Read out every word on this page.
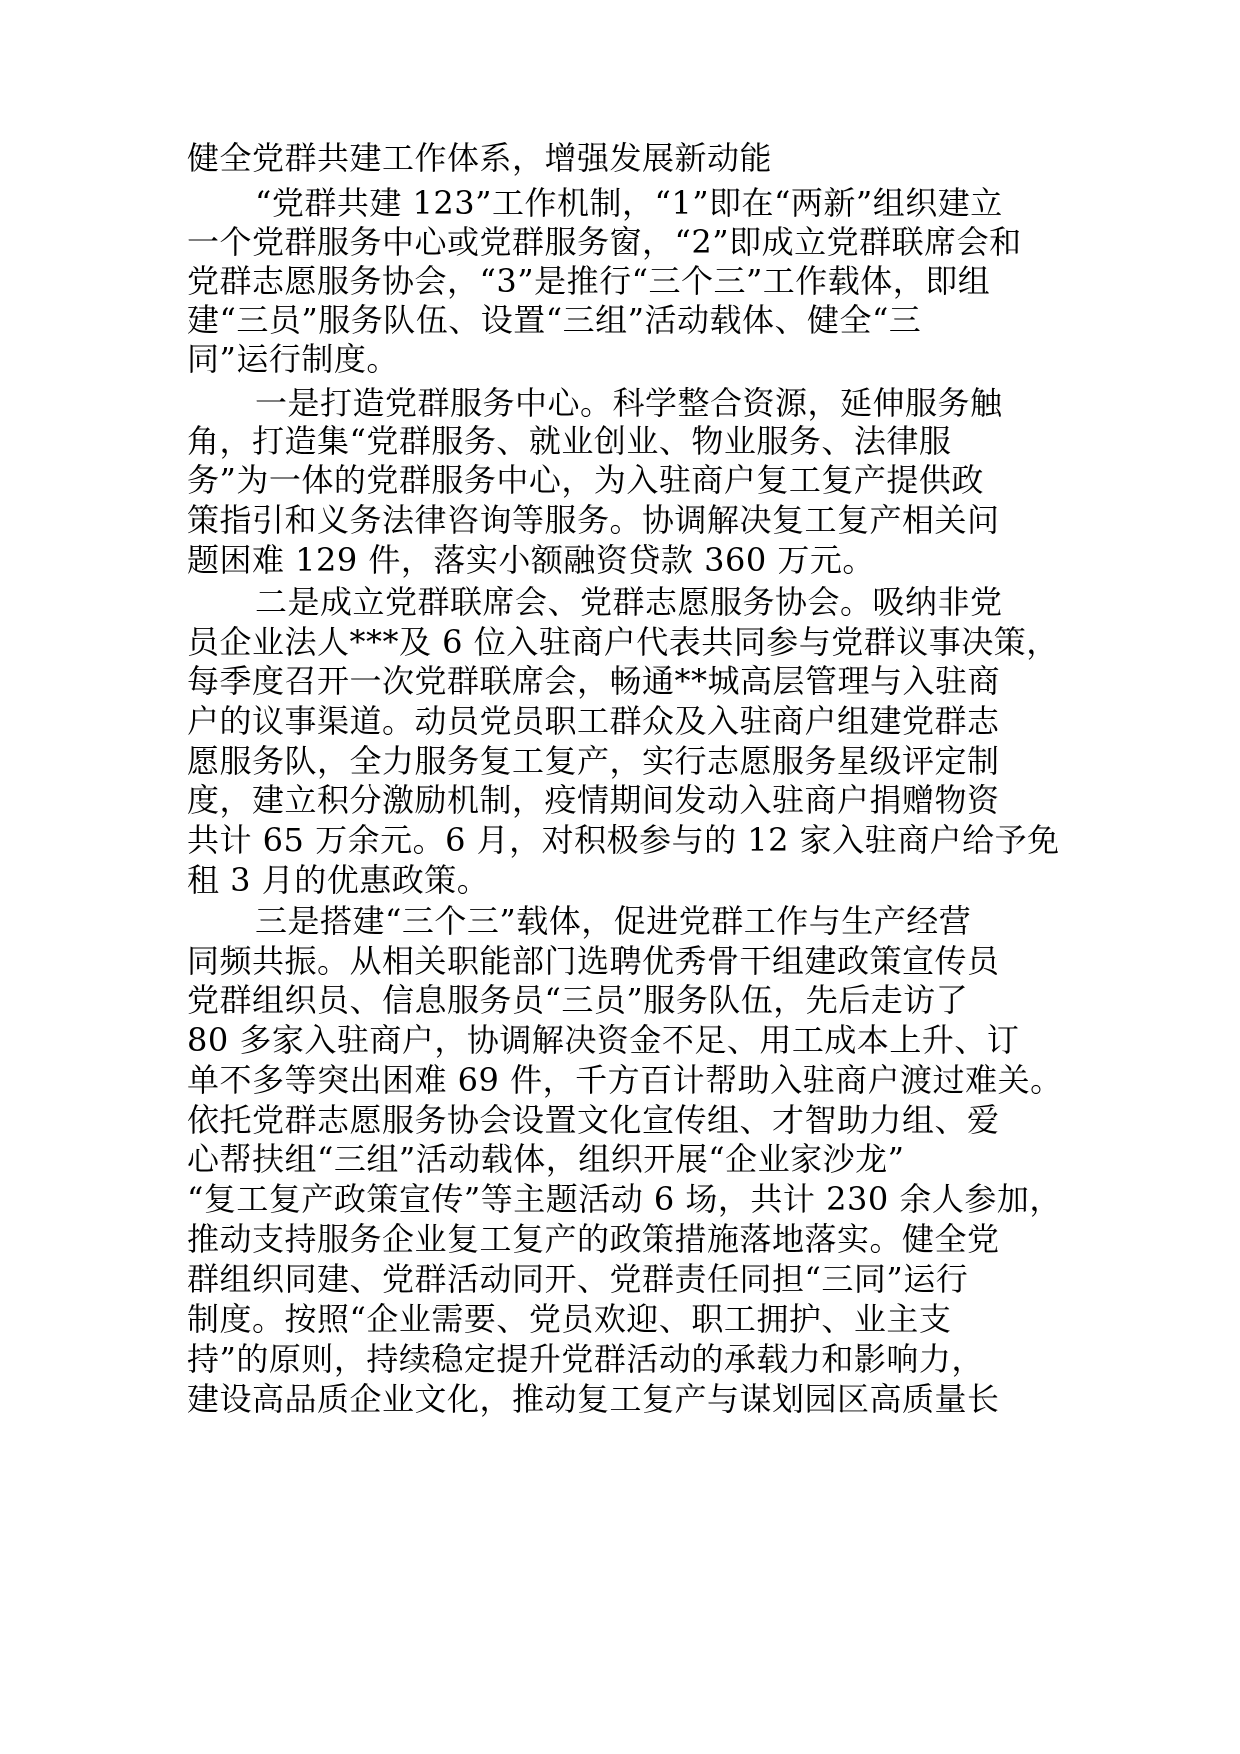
健全党群共建工作体系，增强发展新动能
“党群共建 123”工作机制，“1”即在“两新”组织建立
一个党群服务中心或党群服务窗，“2”即成立党群联席会和
党群志愿服务协会，“3”是推行“三个三”工作载体，即组
建“三员”服务队伍、设置“三组”活动载体、健全“三
同”运行制度。
一是打造党群服务中心。科学整合资源，延伸服务触
角，打造集“党群服务、就业创业、物业服务、法律服
务”为一体的党群服务中心，为入驻商户复工复产提供政
策指引和义务法律咨询等服务。协调解决复工复产相关问
题困难 129 件，落实小额融资贷款 360 万元。
二是成立党群联席会、党群志愿服务协会。吸纳非党
员企业法人***及 6 位入驻商户代表共同参与党群议事决策，
每季度召开一次党群联席会，畅通**城高层管理与入驻商
户的议事渠道。动员党员职工群众及入驻商户组建党群志
愿服务队，全力服务复工复产，实行志愿服务星级评定制
度，建立积分激励机制，疫情期间发动入驻商户捐赠物资
共计 65 万余元。6 月，对积极参与的 12 家入驻商户给予免
租 3 月的优惠政策。
三是搭建“三个三”载体，促进党群工作与生产经营
同频共振。从相关职能部门选聘优秀骨干组建政策宣传员
党群组织员、信息服务员“三员”服务队伍，先后走访了
80 多家入驻商户，协调解决资金不足、用工成本上升、订
单不多等突出困难 69 件，千方百计帮助入驻商户渡过难关。
依托党群志愿服务协会设置文化宣传组、才智助力组、爱
心帮扶组“三组”活动载体，组织开展“企业家沙龙”
“复工复产政策宣传”等主题活动 6 场，共计 230 余人参加，
推动支持服务企业复工复产的政策措施落地落实。健全党
群组织同建、党群活动同开、党群责任同担“三同”运行
制度。按照“企业需要、党员欢迎、职工拥护、业主支
持”的原则，持续稳定提升党群活动的承载力和影响力，
建设高品质企业文化，推动复工复产与谋划园区高质量长
